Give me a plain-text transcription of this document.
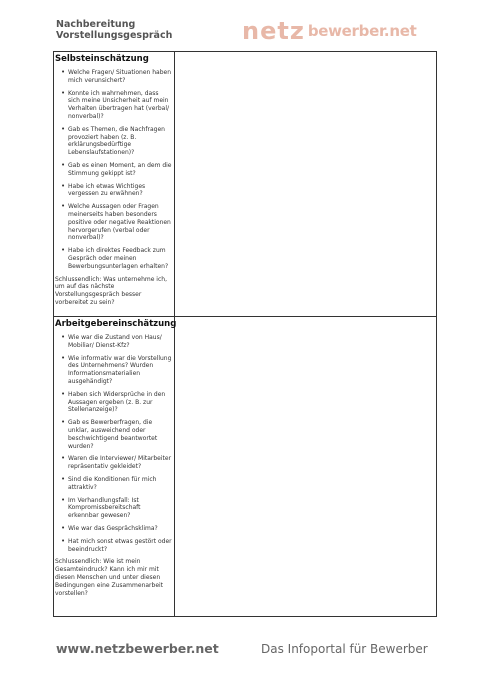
Nachbereitung
Vorstellungsgespräch	netz bewerber.net
Selbsteinschätzung
• Welche Fragen/ Situationen haben mich verunsichert?
• Konnte ich wahrnehmen, dass sich meine Unsicherheit auf mein Verhalten übertragen hat (verbal/ nonverbal)?
• Gab es Themen, die Nachfragen provoziert haben (z. B. erklärungsbedürftige Lebenslaufstationen)?
• Gab es einen Moment, an dem die Stimmung gekippt ist?
• Habe ich etwas Wichtiges vergessen zu erwähnen?
• Welche Aussagen oder Fragen meinerseits haben besonders positive oder negative Reaktionen hervorgerufen (verbal oder nonverbal)?
• Habe ich direktes Feedback zum Gespräch oder meinen Bewerbungsunterlagen erhalten?

Schlussendlich: Was unternehme ich, um auf das nächste Vorstellungsgespräch besser vorbereitet zu sein?

Arbeitgebereinschätzung
• Wie war die Zustand von Haus/ Mobiliar/ Dienst-Kfz?
• Wie informativ war die Vorstellung des Unternehmens? Wurden Informationsmaterialien ausgehändigt?
• Haben sich Widersprüche in den Aussagen ergeben (z. B. zur Stellenanzeige)?
• Gab es Bewerberfragen, die unklar, ausweichend oder beschwichtigend beantwortet wurden?
• Waren die Interviewer/ Mitarbeiter repräsentativ gekleidet?
• Sind die Konditionen für mich attraktiv?
• Im Verhandlungsfall: Ist Kompromissbereitschaft erkennbar gewesen?
• Wie war das Gesprächsklima?
• Hat mich sonst etwas gestört oder beeindruckt?

Schlussendlich: Wie ist mein Gesamteindruck? Kann ich mir mit diesen Menschen und unter diesen Bedingungen eine Zusammenarbeit vorstellen?

www.netzbewerber.net	Das Infoportal für Bewerber
